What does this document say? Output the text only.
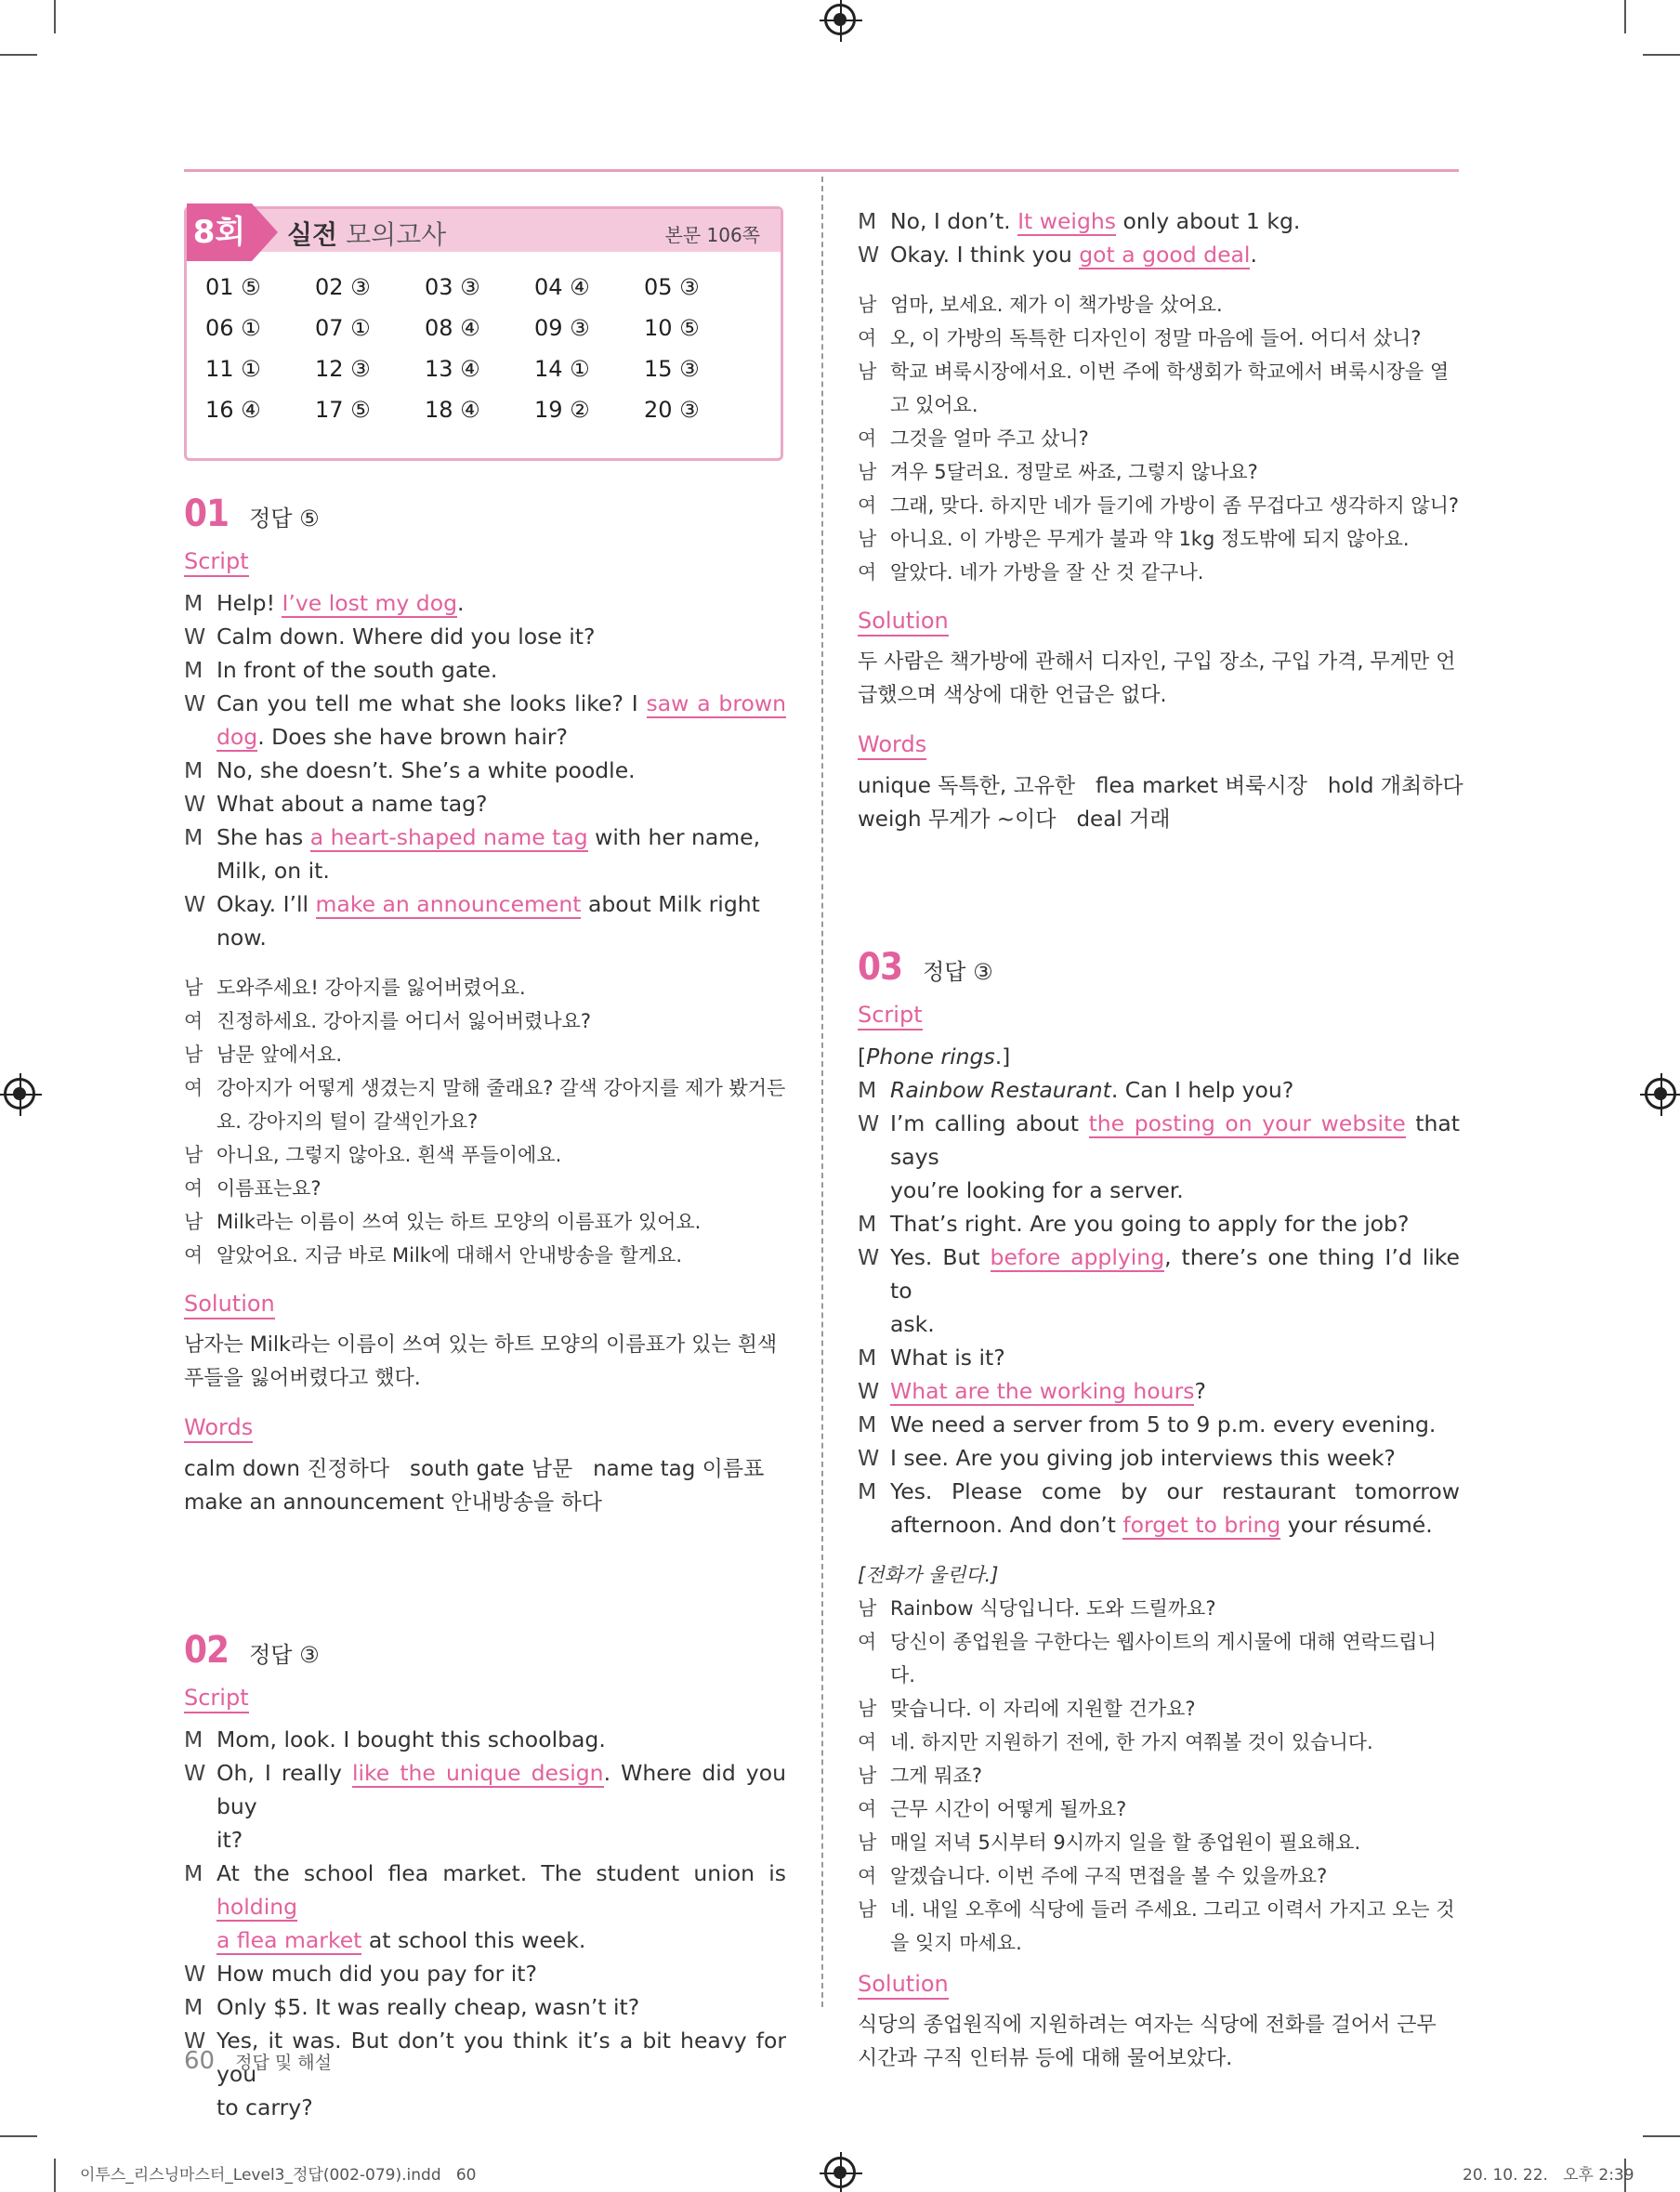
8회 실전 모의고사	본문 106쪽
01 ⑤	02 ③	03 ③	04 ④	05 ③
06 ①	07 ①	08 ④	09 ③	10 ⑤
11 ①	12 ③	13 ④	14 ①	15 ③
16 ④	17 ⑤	18 ④	19 ②	20 ③
01 정답 ⑤
Script
M Help! I’ve lost my dog.
W Calm down. Where did you lose it?
M In front of the south gate.
W Can you tell me what she looks like? I saw a brown
dog. Does she have brown hair?
M No, she doesn’t. She’s a white poodle.
W What about a name tag?
M She has a heart-shaped name tag with her name, Milk, on it.
W Okay. I’ll make an announcement about Milk right now.
남 도와주세요! 강아지를 잃어버렸어요.
여 진정하세요. 강아지를 어디서 잃어버렸나요?
남 남문 앞에서요.
여 강아지가 어떻게 생겼는지 말해 줄래요? 갈색 강아지를 제가 봤거든요. 강아지의 털이 갈색인가요?
남 아니요, 그렇지 않아요. 흰색 푸들이에요.
여 이름표는요?
남 Milk라는 이름이 쓰여 있는 하트 모양의 이름표가 있어요.
여 알았어요. 지금 바로 Milk에 대해서 안내방송을 할게요.
Solution
남자는 Milk라는 이름이 쓰여 있는 하트 모양의 이름표가 있는 흰색 푸들을 잃어버렸다고 했다.
Words
calm down 진정하다   south gate 남문   name tag 이름표
make an announcement 안내방송을 하다
02 정답 ③
Script
M Mom, look. I bought this schoolbag.
W Oh, I really like the unique design. Where did you buy
it?
M At the school flea market. The student union is holding
a flea market at school this week.
W How much did you pay for it?
M Only $5. It was really cheap, wasn’t it?
W Yes, it was. But don’t you think it’s a bit heavy for you
to carry?
M No, I don’t. It weighs only about 1 kg.
W Okay. I think you got a good deal.
남 엄마, 보세요. 제가 이 책가방을 샀어요.
여 오, 이 가방의 독특한 디자인이 정말 마음에 들어. 어디서 샀니?
남 학교 벼룩시장에서요. 이번 주에 학생회가 학교에서 벼룩시장을 열고 있어요.
여 그것을 얼마 주고 샀니?
남 겨우 5달러요. 정말로 싸죠, 그렇지 않나요?
여 그래, 맞다. 하지만 네가 들기에 가방이 좀 무겁다고 생각하지 않니?
남 아니요. 이 가방은 무게가 불과 약 1kg 정도밖에 되지 않아요.
여 알았다. 네가 가방을 잘 산 것 같구나.
Solution
두 사람은 책가방에 관해서 디자인, 구입 장소, 구입 가격, 무게만 언급했으며 색상에 대한 언급은 없다.
Words
unique 독특한, 고유한   flea market 벼룩시장   hold 개최하다
weigh 무게가 ~이다   deal 거래
03 정답 ③
Script
[Phone rings.]
M Rainbow Restaurant. Can I help you?
W I’m calling about the posting on your website that says
you’re looking for a server.
M That’s right. Are you going to apply for the job?
W Yes. But before applying, there’s one thing I’d like to
ask.
M What is it?
W What are the working hours?
M We need a server from 5 to 9 p.m. every evening.
W I see. Are you giving job interviews this week?
M Yes. Please come by our restaurant tomorrow
afternoon. And don’t forget to bring your résumé.
[전화가 울린다.]
남 Rainbow 식당입니다. 도와 드릴까요?
여 당신이 종업원을 구한다는 웹사이트의 게시물에 대해 연락드립니다.
남 맞습니다. 이 자리에 지원할 건가요?
여 네. 하지만 지원하기 전에, 한 가지 여쭤볼 것이 있습니다.
남 그게 뭐죠?
여 근무 시간이 어떻게 될까요?
남 매일 저녁 5시부터 9시까지 일을 할 종업원이 필요해요.
여 알겠습니다. 이번 주에 구직 면접을 볼 수 있을까요?
남 네. 내일 오후에 식당에 들러 주세요. 그리고 이력서 가지고 오는 것을 잊지 마세요.
Solution
식당의 종업원직에 지원하려는 여자는 식당에 전화를 걸어서 근무 시간과 구직 인터뷰 등에 대해 물어보았다.
60 정답 및 해설
이투스_리스닝마스터_Level3_정답(002-079).indd   60	20. 10. 22.   오후 2:39
